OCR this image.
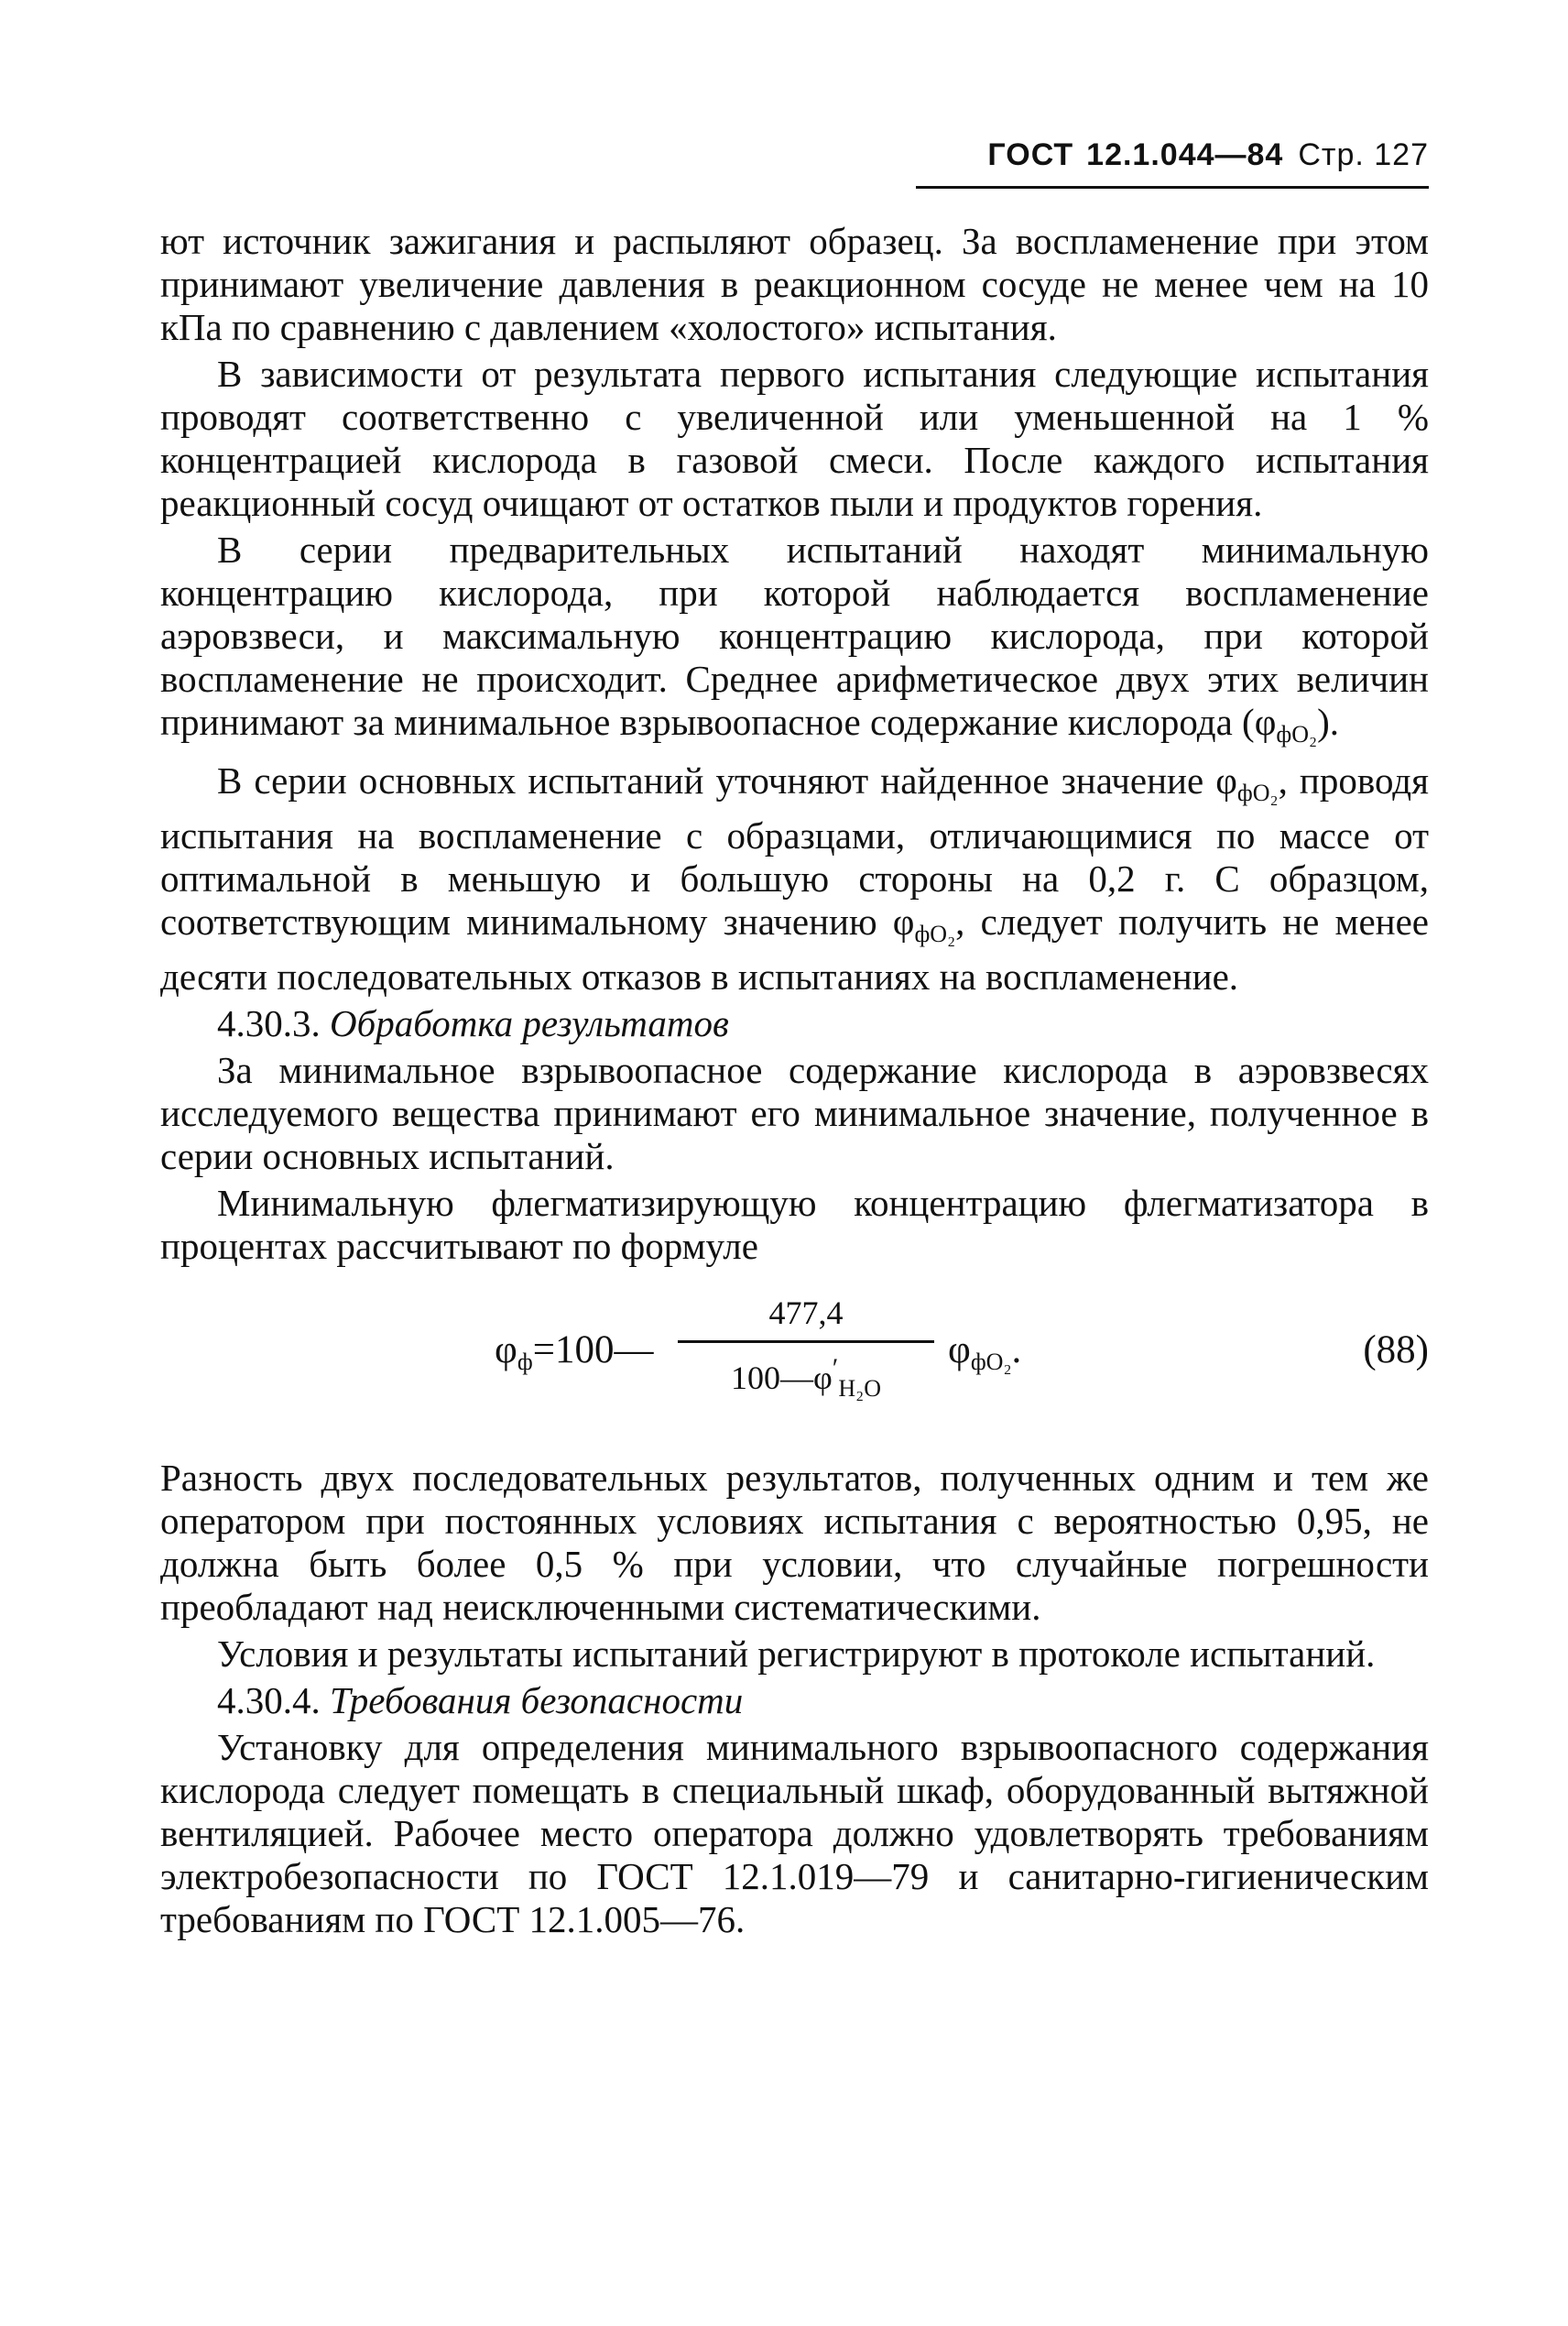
ГОСТ 12.1.044—84 Стр. 127

ют источник зажигания и распыляют образец. За воспламенение при этом принимают увеличение давления в реакционном сосуде не менее чем на 10 кПа по сравнению с давлением «холостого» испытания.

В зависимости от результата первого испытания следующие испытания проводят соответственно с увеличенной или уменьшенной на 1 % концентрацией кислорода в газовой смеси. После каждого испытания реакционный сосуд очищают от остатков пыли и продуктов горения.

В серии предварительных испытаний находят минимальную концентрацию кислорода, при которой наблюдается воспламенение аэровзвеси, и максимальную концентрацию кислорода, при которой воспламенение не происходит. Среднее арифметическое двух этих величин принимают за минимальное взрывоопасное содержание кислорода $(\varphi_{фО_2})$.

В серии основных испытаний уточняют найденное значение $\varphi_{фО_2}$, проводя испытания на воспламенение с образцами, отличающимися по массе от оптимальной в меньшую и большую стороны на 0,2 г. С образцом, соответствующим минимальному значению $\varphi_{фО_2}$, следует получить не менее десяти последовательных отказов в испытаниях на воспламенение.

4.30.3. Обработка результатов

За минимальное взрывоопасное содержание кислорода в аэровзвесях исследуемого вещества принимают его минимальное значение, полученное в серии основных испытаний.

Минимальную флегматизирующую концентрацию флегматизатора в процентах рассчитывают по формуле

$\varphi_ф=100—$
477,4
$100—\varphi'_{H_2O}$
$\varphi_{фО_2}$.	(88)

Разность двух последовательных результатов, полученных одним и тем же оператором при постоянных условиях испытания с вероятностью 0,95, не должна быть более 0,5 % при условии, что случайные погрешности преобладают над неисключенными систематическими.

Условия и результаты испытаний регистрируют в протоколе испытаний.

4.30.4. Требования безопасности

Установку для определения минимального взрывоопасного содержания кислорода следует помещать в специальный шкаф, оборудованный вытяжной вентиляцией. Рабочее место оператора должно удовлетворять требованиям электробезопасности по ГОСТ 12.1.019—79 и санитарно-гигиеническим требованиям по ГОСТ 12.1.005—76.
